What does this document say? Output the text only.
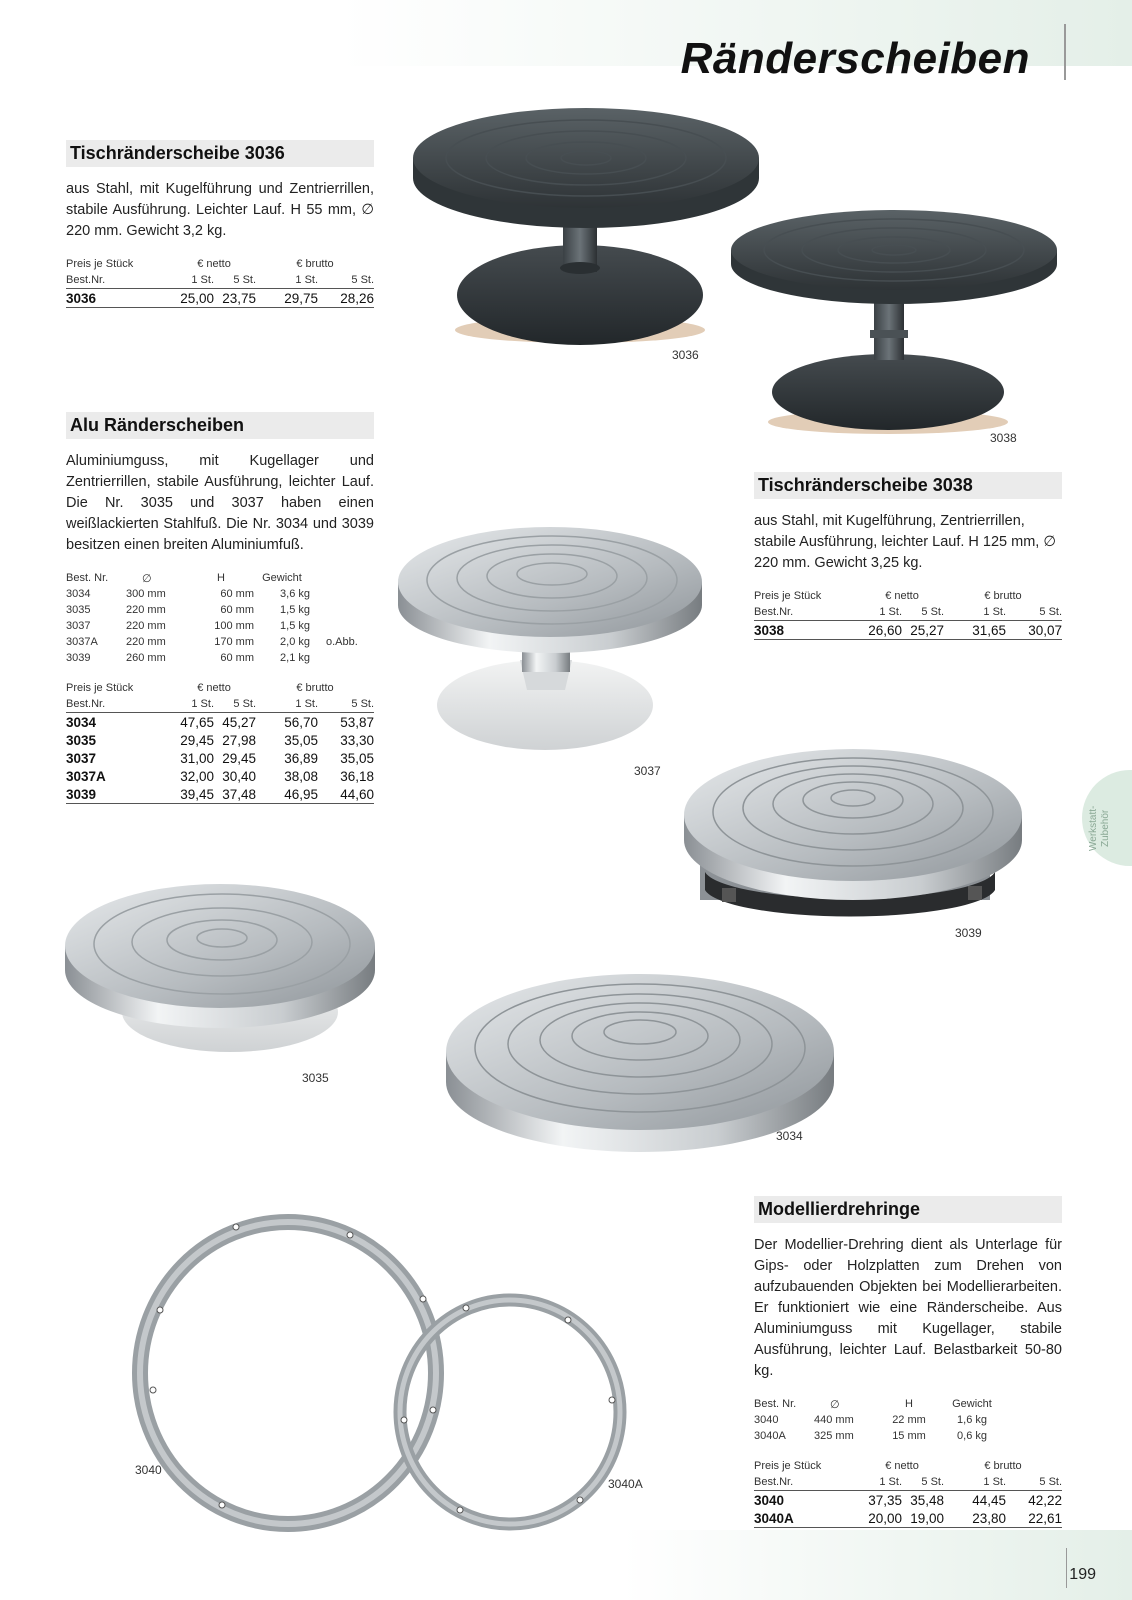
Ränderscheiben
Werkstatt-Zubehör
199
Tischränderscheibe 3036

aus Stahl, mit Kugelführung und Zentrierrillen, stabile Ausführung. Leichter Lauf. H 55 mm, ∅ 220 mm. Gewicht 3,2 kg.

Preis je Stück	€ netto		€ brutto	
Best.Nr.	1 St.	5 St.	1 St.	5 St.
3036	25,00	23,75	29,75	28,26
Alu Ränderscheiben

Aluminiumguss, mit Kugellager und Zentrierrillen, stabile Ausführung, leichter Lauf. Die Nr. 3035 und 3037 haben einen weißlackierten Stahlfuß. Die Nr. 3034 und 3039 besitzen einen breiten Aluminiumfuß.

Best. Nr.	∅	H	Gewicht	
3034	300 mm	60 mm	3,6 kg	
3035	220 mm	60 mm	1,5 kg	
3037	220 mm	100 mm	1,5 kg	
3037A	220 mm	170 mm	2,0 kg	o.Abb.
3039	260 mm	60 mm	2,1 kg	
Preis je Stück	€ netto		€ brutto	
Best.Nr.	1 St.	5 St.	1 St.	5 St.
3034	47,65	45,27	56,70	53,87
3035	29,45	27,98	35,05	33,30
3037	31,00	29,45	36,89	35,05
3037A	32,00	30,40	38,08	36,18
3039	39,45	37,48	46,95	44,60
Tischränderscheibe 3038

aus Stahl, mit Kugelführung, Zentrierrillen, stabile Ausführung, leichter Lauf. H 125 mm, ∅ 220 mm. Gewicht 3,25 kg.

Preis je Stück	€ netto		€ brutto	
Best.Nr.	1 St.	5 St.	1 St.	5 St.
3038	26,60	25,27	31,65	30,07
Modellierdrehringe

Der Modellier-Drehring dient als Unterlage für Gips- oder Holzplatten zum Drehen von aufzubauenden Objekten bei Modellierarbeiten. Er funktioniert wie eine Ränderscheibe. Aus Aluminiumguss mit Kugellager, stabile Ausführung, leichter Lauf. Belastbarkeit 50-80 kg.

Best. Nr.	∅	H	Gewicht
3040	440 mm	22 mm	1,6 kg
3040A	325 mm	15 mm	0,6 kg
Preis je Stück	€ netto		€ brutto	
Best.Nr.	1 St.	5 St.	1 St.	5 St.
3040	37,35	35,48	44,45	42,22
3040A	20,00	19,00	23,80	22,61
3036
3038
3037
3039
3035
3034
3040
3040A
